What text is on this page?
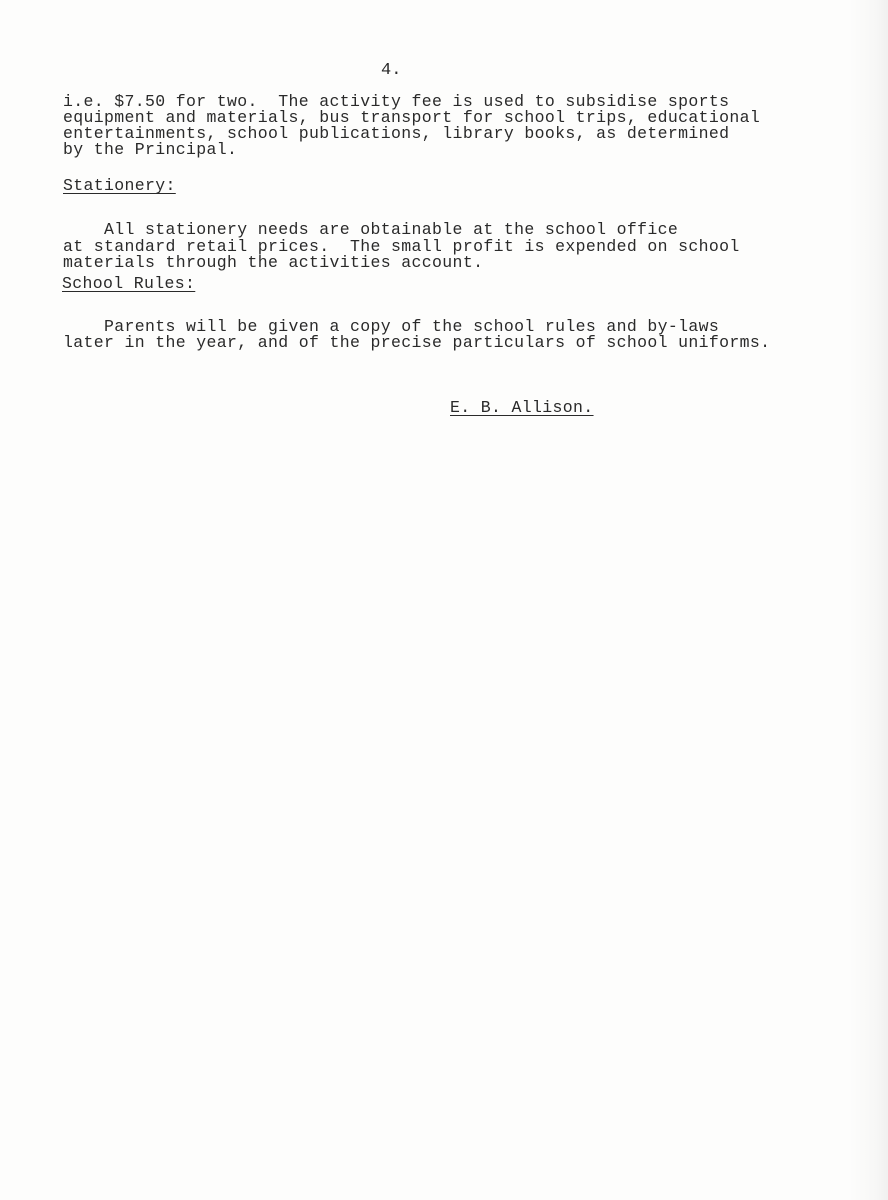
4.
i.e. $7.50 for two.  The activity fee is used to subsidise sports
equipment and materials, bus transport for school trips, educational
entertainments, school publications, library books, as determined
by the Principal.
Stationery:
All stationery needs are obtainable at the school office
at standard retail prices.  The small profit is expended on school
materials through the activities account.
School Rules:
Parents will be given a copy of the school rules and by-laws
later in the year, and of the precise particulars of school uniforms.
E. B. Allison.
